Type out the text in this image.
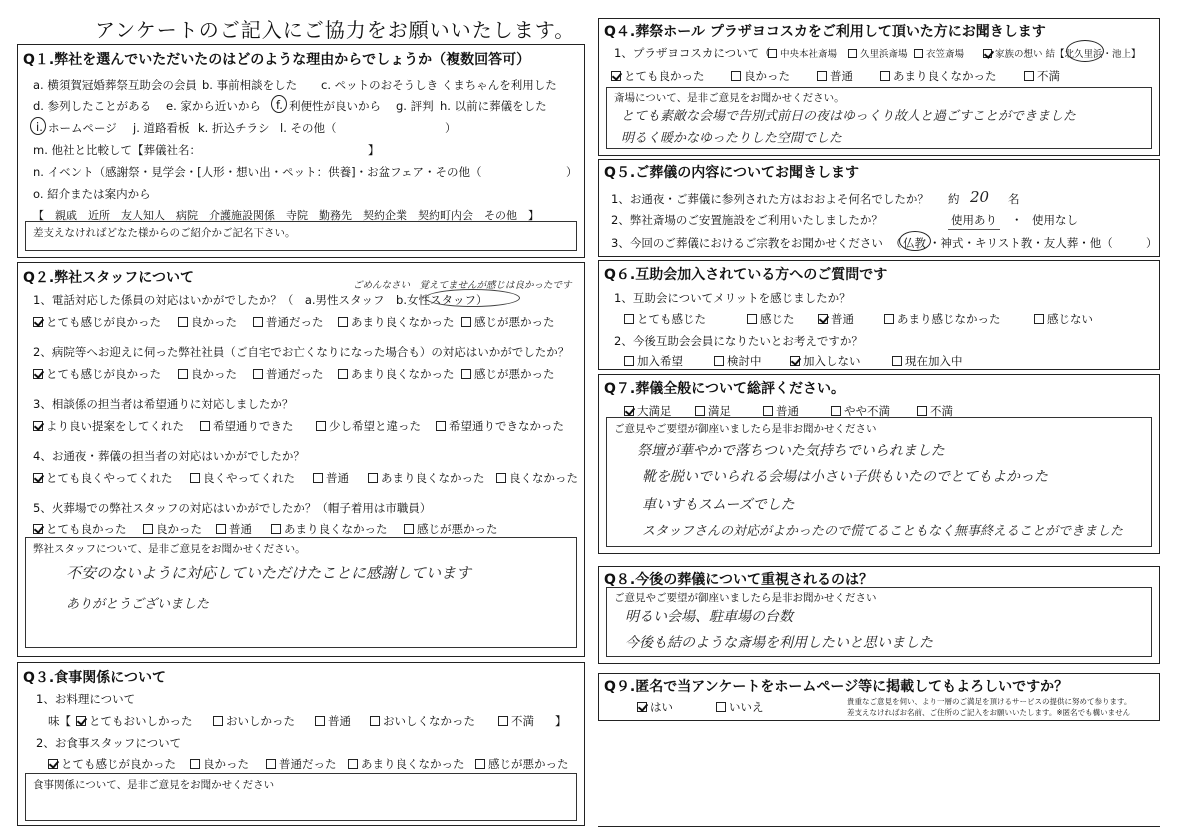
アンケートのご記入にご協力をお願いいたします。
Q１.弊社を選んでいただいたのはどのような理由からでしょうか（複数回答可）
a. 横須賀冠婚葬祭互助会の会員 b. 事前相談をした c. ペットのおそうしき くまちゃんを利用した
d. 参列したことがある e. 家から近いから f. 利便性が良いから g. 評判 h. 以前に葬儀をした
i. ホームページ j. 道路看板 k. 折込チラシ l. その他（	）
m. 他社と比較して【葬儀社名：	】
n. イベント（感謝祭・見学会・[人形・想い出・ペット：供養]・お盆フェア・その他（	）
o. 紹介または案内から
【　親戚　近所　友人知人　病院　介護施設関係　寺院　勤務先　契約企業　契約町内会　その他　】
差支えなければどなた様からのご紹介かご記名下さい。
Q２.弊社スタッフについて	ごめんなさい　覚えてませんが感じは良かったです
1、電話対応した係員の対応はいかがでしたか？（　a.男性スタッフ　b.女性スタッフ）
とても感じが良かった	良かった	普通だった あまり良くなかった 感じが悪かった
2、病院等へお迎えに伺った弊社社員（ご自宅でお亡くなりになった場合も）の対応はいかがでしたか？
とても感じが良かった	良かった	普通だった あまり良くなかった 感じが悪かった
3、相談係の担当者は希望通りに対応しましたか？
より良い提案をしてくれた	希望通りできた	少し希望と違った 希望通りできなかった
4、お通夜・葬儀の担当者の対応はいかがでしたか？
とても良くやってくれた	良くやってくれた	普通	あまり良くなかった 良くなかった
5、火葬場での弊社スタッフの対応はいかがでしたか？（帽子着用は市職員）
とても良かった	良かった 普通	あまり良くなかった	感じが悪かった
弊社スタッフについて、是非ご意見をお聞かせください。
不安のないように対応していただけたことに感謝しています
ありがとうございました
Q３.食事関係について
1、お料理について
味【 とてもおいしかった	おいしかった	普通	おいしくなかった	不満 】
2、お食事スタッフについて
とても感じが良かった 良かった	普通だった あまり良くなかった 感じが悪かった
食事関係について、是非ご意見をお聞かせください
Q４.葬祭ホール プラザヨコスカをご利用して頂いた方にお聞きします
1、プラザヨコスカについて（ 中央本社斎場 久里浜斎場 衣笠斎場	家族の想い 結【北久里浜・池上】
とても良かった	良かった	普通	あまり良くなかった	不満
斎場について、是非ご意見をお聞かせください。
とても素敵な会場で告別式前日の夜はゆっくり故人と過ごすことができました
明るく暖かなゆったりした空間でした
Q５.ご葬儀の内容についてお聞きします
1、お通夜・ご葬儀に参列された方はおおよそ何名でしたか？ 約 20 名
2、弊社斎場のご安置施設をご利用いたしましたか？	使用あり ・ 使用なし
3、今回のご葬儀におけるご宗教をお聞かせください （ 仏教 ・神式・キリスト教・友人葬・他（	）
Q６.互助会加入されている方へのご質問です
1、互助会についてメリットを感じましたか？
とても感じた	感じた	普通	あまり感じなかった	感じない
2、今後互助会会員になりたいとお考えですか？
加入希望	検討中	加入しない	現在加入中
Q７.葬儀全般について総評ください。
大満足	満足	普通	やや不満	不満
ご意見やご要望が御座いましたら是非お聞かせください
祭壇が華やかで落ちついた気持ちでいられました
靴を脱いでいられる会場は小さい子供もいたのでとてもよかった
車いすもスムーズでした
スタッフさんの対応がよかったので慌てることもなく無事終えることができました
Q８.今後の葬儀について重視されるのは？
ご意見やご要望が御座いましたら是非お聞かせください
明るい会場、駐車場の台数
今後も結のような斎場を利用したいと思いました
Q９.匿名で当アンケートをホームページ等に掲載してもよろしいですか？
はい	いいえ	貴重なご意見を伺い、より一層のご満足を頂けるサービスの提供に努めて参ります。
差支えなければお名前、ご住所のご記入をお願いいたします。※匿名でも構いません
